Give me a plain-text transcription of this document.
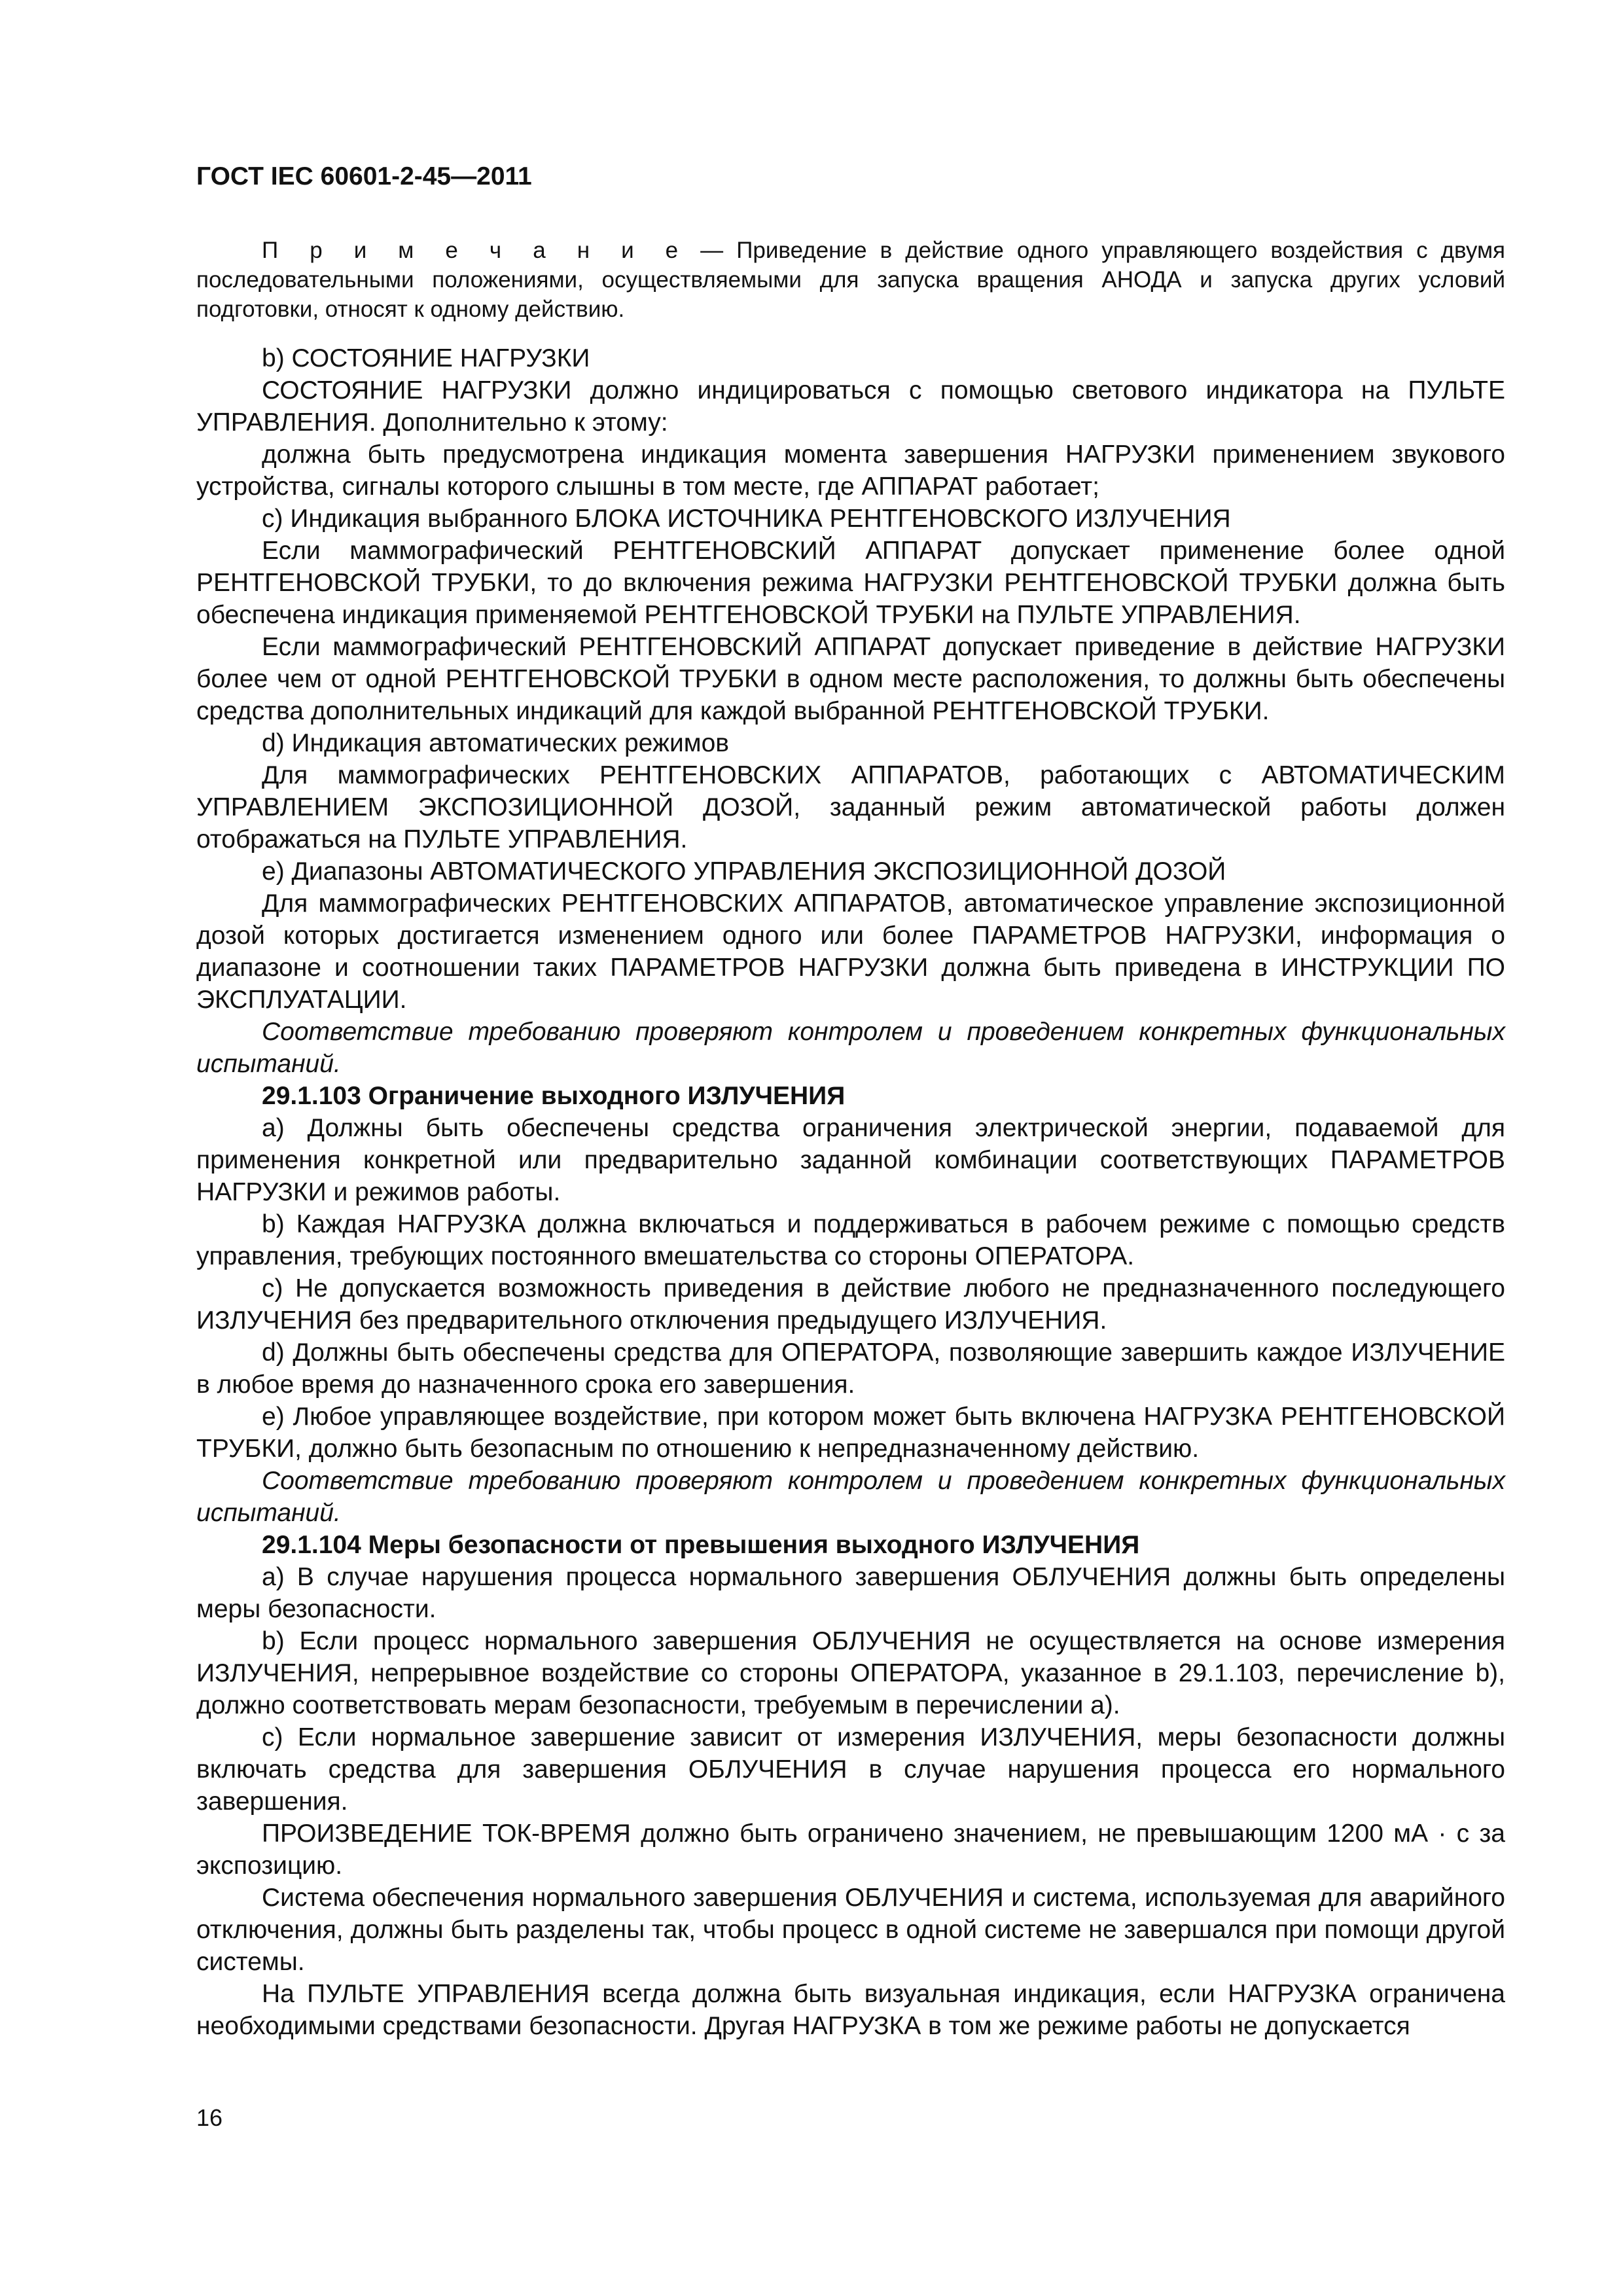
ГОСТ IEC 60601-2-45—2011
П р и м е ч а н и е — Приведение в действие одного управляющего воздействия с двумя последовательными положениями, осуществляемыми для запуска вращения АНОДА и запуска других условий подготовки, относят к одному действию.

b) СОСТОЯНИЕ НАГРУЗКИ

СОСТОЯНИЕ НАГРУЗКИ должно индицироваться с помощью светового индикатора на ПУЛЬТЕ УПРАВЛЕНИЯ. Дополнительно к этому:

должна быть предусмотрена индикация момента завершения НАГРУЗКИ применением звукового устройства, сигналы которого слышны в том месте, где АППАРАТ работает;

с) Индикация выбранного БЛОКА ИСТОЧНИКА РЕНТГЕНОВСКОГО ИЗЛУЧЕНИЯ

Если маммографический РЕНТГЕНОВСКИЙ АППАРАТ допускает применение более одной РЕНТГЕНОВСКОЙ ТРУБКИ, то до включения режима НАГРУЗКИ РЕНТГЕНОВСКОЙ ТРУБКИ должна быть обеспечена индикация применяемой РЕНТГЕНОВСКОЙ ТРУБКИ на ПУЛЬТЕ УПРАВЛЕНИЯ.

Если маммографический РЕНТГЕНОВСКИЙ АППАРАТ допускает приведение в действие НАГРУЗКИ более чем от одной РЕНТГЕНОВСКОЙ ТРУБКИ в одном месте расположения, то должны быть обеспечены средства дополнительных индикаций для каждой выбранной РЕНТГЕНОВСКОЙ ТРУБКИ.

d) Индикация автоматических режимов

Для маммографических РЕНТГЕНОВСКИХ АППАРАТОВ, работающих с АВТОМАТИЧЕСКИМ УПРАВЛЕНИЕМ ЭКСПОЗИЦИОННОЙ ДОЗОЙ, заданный режим автоматической работы должен отображаться на ПУЛЬТЕ УПРАВЛЕНИЯ.

е) Диапазоны АВТОМАТИЧЕСКОГО УПРАВЛЕНИЯ ЭКСПОЗИЦИОННОЙ ДОЗОЙ

Для маммографических РЕНТГЕНОВСКИХ АППАРАТОВ, автоматическое управление экспозиционной дозой которых достигается изменением одного или более ПАРАМЕТРОВ НАГРУЗКИ, информация о диапазоне и соотношении таких ПАРАМЕТРОВ НАГРУЗКИ должна быть приведена в ИНСТРУКЦИИ ПО ЭКСПЛУАТАЦИИ.

Соответствие требованию проверяют контролем и проведением конкретных функциональных испытаний.

29.1.103 Ограничение выходного ИЗЛУЧЕНИЯ

а) Должны быть обеспечены средства ограничения электрической энергии, подаваемой для применения конкретной или предварительно заданной комбинации соответствующих ПАРАМЕТРОВ НАГРУЗКИ и режимов работы.

b) Каждая НАГРУЗКА должна включаться и поддерживаться в рабочем режиме с помощью средств управления, требующих постоянного вмешательства со стороны ОПЕРАТОРА.

с) Не допускается возможность приведения в действие любого не предназначенного последующего ИЗЛУЧЕНИЯ без предварительного отключения предыдущего ИЗЛУЧЕНИЯ.

d) Должны быть обеспечены средства для ОПЕРАТОРА, позволяющие завершить каждое ИЗЛУЧЕНИЕ в любое время до назначенного срока его завершения.

е) Любое управляющее воздействие, при котором может быть включена НАГРУЗКА РЕНТГЕНОВСКОЙ ТРУБКИ, должно быть безопасным по отношению к непредназначенному действию.

Соответствие требованию проверяют контролем и проведением конкретных функциональных испытаний.

29.1.104 Меры безопасности от превышения выходного ИЗЛУЧЕНИЯ

а) В случае нарушения процесса нормального завершения ОБЛУЧЕНИЯ должны быть определены меры безопасности.

b) Если процесс нормального завершения ОБЛУЧЕНИЯ не осуществляется на основе измерения ИЗЛУЧЕНИЯ, непрерывное воздействие со стороны ОПЕРАТОРА, указанное в 29.1.103, перечисление b), должно соответствовать мерам безопасности, требуемым в перечислении а).

с) Если нормальное завершение зависит от измерения ИЗЛУЧЕНИЯ, меры безопасности должны включать средства для завершения ОБЛУЧЕНИЯ в случае нарушения процесса его нормального завершения.

ПРОИЗВЕДЕНИЕ ТОК-ВРЕМЯ должно быть ограничено значением, не превышающим 1200 мА · с за экспозицию.

Система обеспечения нормального завершения ОБЛУЧЕНИЯ и система, используемая для аварийного отключения, должны быть разделены так, чтобы процесс в одной системе не завершался при помощи другой системы.

На ПУЛЬТЕ УПРАВЛЕНИЯ всегда должна быть визуальная индикация, если НАГРУЗКА ограничена необходимыми средствами безопасности. Другая НАГРУЗКА в том же режиме работы не допускается

16
